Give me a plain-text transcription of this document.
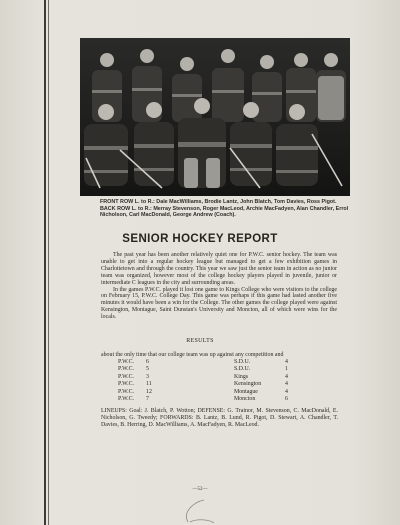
FRONT ROW L. to R.: Dale MacWilliams, Brodie Lantz, John Blatch, Tom Davies, Ross Pigot.

BACK ROW L. to R.: Merray Stevenson, Roger MacLeod, Archie MacFadyen, Alan Chandler, Errol Nicholson, Carl MacDonald, George Andrew (Coach).

SENIOR HOCKEY REPORT

The past year has been another relatively quiet one for P.W.C. senior hockey. The team was unable to get into a regular hockey league but managed to get a few exhibition games in Charlottetown and through the country. This year we saw just the senior team in action as no junior team was organized, however most of the college hockey players played in juvenile, junior or intermediate C leagues in the city and surrounding areas.

In the games P.W.C. played it lost one game to Kings College who were visitors to the college on February 15, P.W.C. College Day. This game was perhaps if this game had lasted another five minutes it would have been a win for the College. The other games the college played were against Kensington, Montague, Saint Dunstan's University and Moncton, all of which were wins for the locals.

RESULTS
about the only time that our college team was up against any competition and
P.W.C.	6	S.D.U.	4
P.W.C.	5	S.D.U.	1
P.W.C.	3	Kings	4
P.W.C.	11	Kensington	4
P.W.C.	12	Montague	4
P.W.C.	7	Moncton	6
LINEUPS: Goal: J. Blatch, P. Wotton; DEFENSE: G. Trainor, M. Stevenson, C. MacDonald, E. Nicholson, G. Tweedy; FORWARDS: B. Lantz, B. Lund, R. Pigot, D. Stewart, A. Chandler, T. Davies, B. Herring, D. MacWilliams, A. MacFadyen, R. MacLeod.
—52—
